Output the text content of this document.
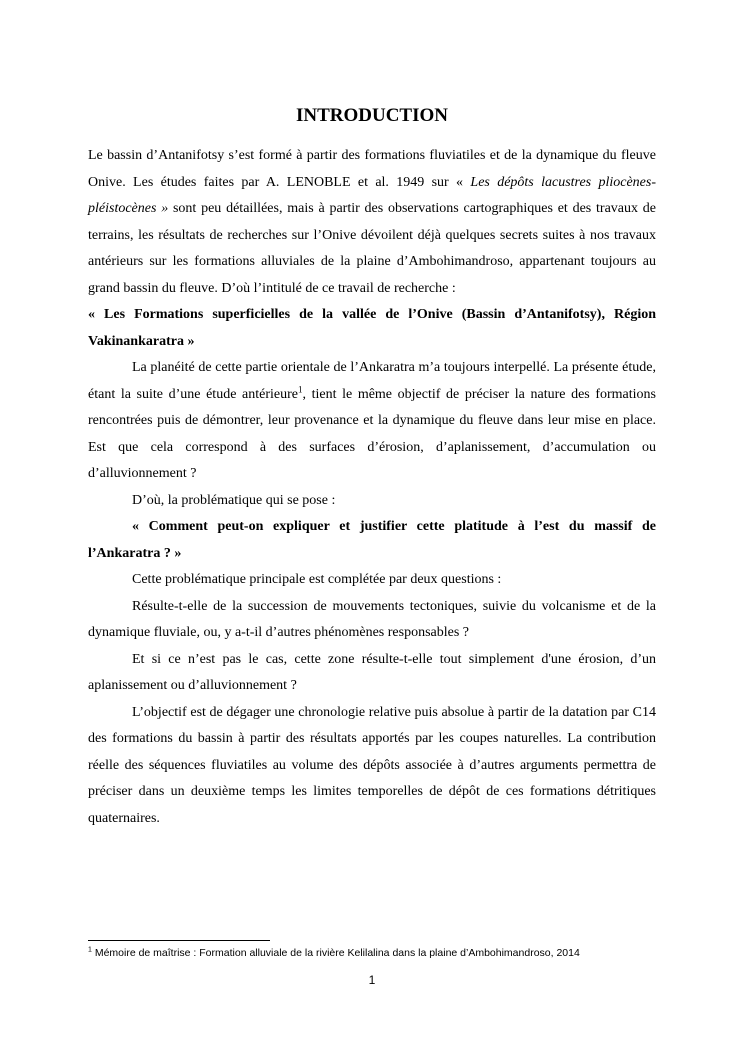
INTRODUCTION

Le bassin d’Antanifotsy s’est formé à partir des formations fluviatiles et de la dynamique du fleuve Onive. Les études faites par A. LENOBLE et al. 1949 sur « Les dépôts lacustres pliocènes-pléistocènes » sont peu détaillées, mais à partir des observations cartographiques et des travaux de terrains, les résultats de recherches sur l’Onive dévoilent déjà quelques secrets suites à nos travaux antérieurs sur les formations alluviales de la plaine d’Ambohimandroso, appartenant toujours au grand bassin du fleuve. D’où l’intitulé de ce travail de recherche :
« Les Formations superficielles de la vallée de l’Onive (Bassin d’Antanifotsy), Région Vakinankaratra »

La planéité de cette partie orientale de l’Ankaratra m’a toujours interpellé. La présente étude, étant la suite d’une étude antérieure$^1$, tient le même objectif de préciser la nature des formations rencontrées puis de démontrer, leur provenance et la dynamique du fleuve dans leur mise en place. Est que cela correspond à des surfaces d’érosion, d’aplanissement, d’accumulation ou d’alluvionnement ?

D’où, la problématique qui se pose :

« Comment peut-on expliquer et justifier cette platitude à l’est du massif de l’Ankaratra ? »

Cette problématique principale est complétée par deux questions :

Résulte-t-elle de la succession de mouvements tectoniques, suivie du volcanisme et de la dynamique fluviale, ou, y a-t-il d’autres phénomènes responsables ?

Et si ce n’est pas le cas, cette zone résulte-t-elle tout simplement d'une érosion, d’un aplanissement ou d’alluvionnement ?

L’objectif est de dégager une chronologie relative puis absolue à partir de la datation par C14 des formations du bassin à partir des résultats apportés par les coupes naturelles. La contribution réelle des séquences fluviatiles au volume des dépôts associée à d’autres arguments permettra de préciser dans un deuxième temps les limites temporelles de dépôt de ces formations détritiques quaternaires.

$^1$ Mémoire de maîtrise : Formation alluviale de la rivière Kelilalina dans la plaine d’Ambohimandroso, 2014
1
